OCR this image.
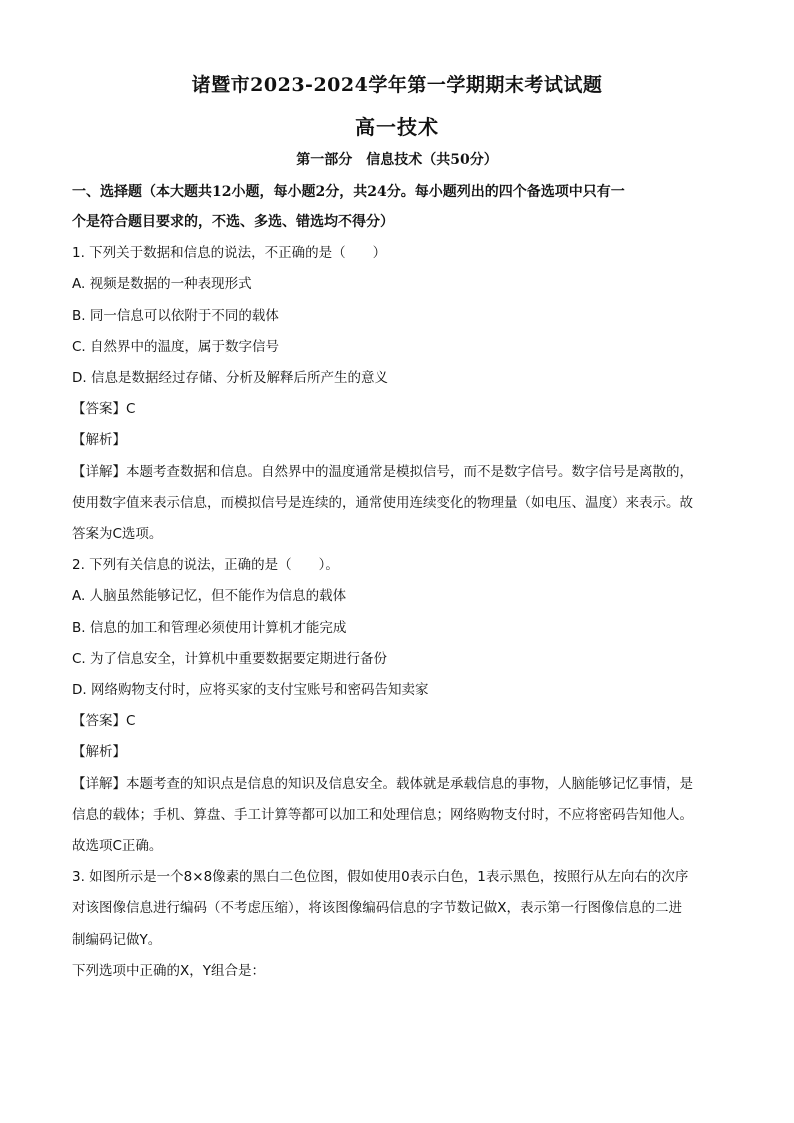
诸暨市2023-2024学年第一学期期末考试试题
高一技术
第一部分　信息技术（共50分）
一、选择题（本大题共12小题，每小题2分，共24分。每小题列出的四个备选项中只有一
个是符合题目要求的，不选、多选、错选均不得分）
1. 下列关于数据和信息的说法，不正确的是（　　）
A. 视频是数据的一种表现形式
B. 同一信息可以依附于不同的载体
C. 自然界中的温度，属于数字信号
D. 信息是数据经过存储、分析及解释后所产生的意义
【答案】C
【解析】
【详解】本题考查数据和信息。自然界中的温度通常是模拟信号，而不是数字信号。数字信号是离散的，
使用数字值来表示信息，而模拟信号是连续的，通常使用连续变化的物理量（如电压、温度）来表示。故
答案为C选项。
2. 下列有关信息的说法，正确的是（　　）。
A. 人脑虽然能够记忆，但不能作为信息的载体
B. 信息的加工和管理必须使用计算机才能完成
C. 为了信息安全，计算机中重要数据要定期进行备份
D. 网络购物支付时，应将买家的支付宝账号和密码告知卖家
【答案】C
【解析】
【详解】本题考查的知识点是信息的知识及信息安全。载体就是承载信息的事物，人脑能够记忆事情，是
信息的载体；手机、算盘、手工计算等都可以加工和处理信息；网络购物支付时，不应将密码告知他人。
故选项C正确。
3. 如图所示是一个8×8像素的黑白二色位图，假如使用0表示白色，1表示黑色，按照行从左向右的次序
对该图像信息进行编码（不考虑压缩），将该图像编码信息的字节数记做X，表示第一行图像信息的二进
制编码记做Y。
下列选项中正确的X，Y组合是：
